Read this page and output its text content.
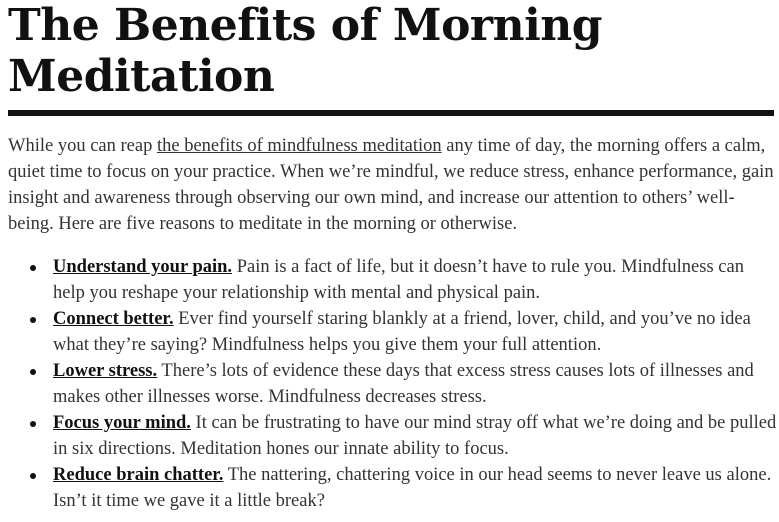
The Benefits of Morning Meditation

While you can reap the benefits of mindfulness meditation any time of day, the morning offers a calm, quiet time to focus on your practice. When we’re mindful, we reduce stress, enhance performance, gain insight and awareness through observing our own mind, and increase our attention to others’ well-being. Here are five reasons to meditate in the morning or otherwise.

Understand your pain. Pain is a fact of life, but it doesn’t have to rule you. Mindfulness can help you reshape your relationship with mental and physical pain.
Connect better. Ever find yourself staring blankly at a friend, lover, child, and you’ve no idea what they’re saying? Mindfulness helps you give them your full attention.
Lower stress. There’s lots of evidence these days that excess stress causes lots of illnesses and makes other illnesses worse. Mindfulness decreases stress.
Focus your mind. It can be frustrating to have our mind stray off what we’re doing and be pulled in six directions. Meditation hones our innate ability to focus.
Reduce brain chatter. The nattering, chattering voice in our head seems to never leave us alone. Isn’t it time we gave it a little break?
